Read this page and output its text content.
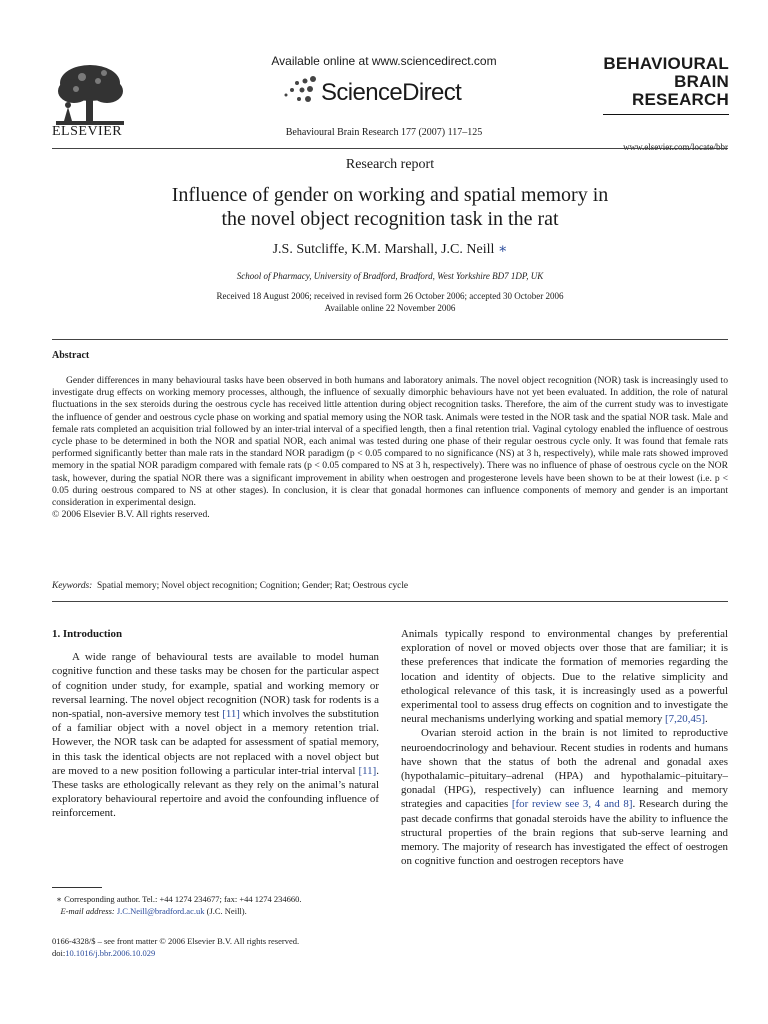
ELSEVIER
Available online at www.sciencedirect.com
ScienceDirect
Behavioural Brain Research 177 (2007) 117–125
BEHAVIOURAL
BRAIN
RESEARCH
www.elsevier.com/locate/bbr
Research report
Influence of gender on working and spatial memory in
the novel object recognition task in the rat
J.S. Sutcliffe, K.M. Marshall, J.C. Neill ∗
School of Pharmacy, University of Bradford, Bradford, West Yorkshire BD7 1DP, UK
Received 18 August 2006; received in revised form 26 October 2006; accepted 30 October 2006
Available online 22 November 2006
Abstract

Gender differences in many behavioural tasks have been observed in both humans and laboratory animals. The novel object recognition (NOR) task is increasingly used to investigate drug effects on working memory processes, although, the influence of sexually dimorphic behaviours have not yet been evaluated. In addition, the role of natural fluctuations in the sex steroids during the oestrous cycle has received little attention during object recognition tasks. Therefore, the aim of the current study was to investigate the influence of gender and oestrous cycle phase on working and spatial memory using the NOR task. Animals were tested in the NOR task and the spatial NOR task. Male and female rats completed an acquisition trial followed by an inter-trial interval of a specified length, then a final retention trial. Vaginal cytology enabled the influence of oestrous cycle phase to be determined in both the NOR and spatial NOR, each animal was tested during one phase of their regular oestrous cycle only. It was found that female rats performed significantly better than male rats in the standard NOR paradigm (p < 0.05 compared to no significance (NS) at 3 h, respectively), while male rats showed improved memory in the spatial NOR paradigm compared with female rats (p < 0.05 compared to NS at 3 h, respectively). There was no influence of phase of oestrous cycle on the NOR task, however, during the spatial NOR there was a significant improvement in ability when oestrogen and progesterone levels have been shown to be at their lowest (i.e. p < 0.05 during oestrous compared to NS at other stages). In conclusion, it is clear that gonadal hormones can influence components of memory and gender is an important consideration in experimental design.

© 2006 Elsevier B.V. All rights reserved.

Keywords: Spatial memory; Novel object recognition; Cognition; Gender; Rat; Oestrous cycle

1. Introduction

A wide range of behavioural tests are available to model human cognitive function and these tasks may be chosen for the particular aspect of cognition under study, for example, spatial and working memory or reversal learning. The novel object recognition (NOR) task for rodents is a non-spatial, non-aversive memory test [11] which involves the substitution of a familiar object with a novel object in a memory retention trial. However, the NOR task can be adapted for assessment of spatial memory, in this task the identical objects are not replaced with a novel object but are moved to a new position following a particular inter-trial interval [11]. These tasks are ethologically relevant as they rely on the animal’s natural exploratory behavioural repertoire and avoid the confounding influence of reinforcement.

Animals typically respond to environmental changes by preferential exploration of novel or moved objects over those that are familiar; it is these preferences that indicate the formation of memories regarding the location and identity of objects. Due to the relative simplicity and ethological relevance of this task, it is increasingly used as a powerful experimental tool to assess drug effects on cognition and to investigate the neural mechanisms underlying working and spatial memory [7,20,45].

Ovarian steroid action in the brain is not limited to reproductive neuroendocrinology and behaviour. Recent studies in rodents and humans have shown that the status of both the adrenal and gonadal axes (hypothalamic–pituitary–adrenal (HPA) and hypothalamic–pituitary–gonadal (HPG), respectively) can influence learning and memory strategies and capacities [for review see 3, 4 and 8]. Research during the past decade confirms that gonadal steroids have the ability to influence the structural properties of the brain regions that sub-serve learning and memory. The majority of research has investigated the effect of oestrogen on cognitive function and oestrogen receptors have

∗ Corresponding author. Tel.: +44 1274 234677; fax: +44 1274 234660.
E-mail address: J.C.Neill@bradford.ac.uk (J.C. Neill).
0166-4328/$ – see front matter © 2006 Elsevier B.V. All rights reserved.
doi:10.1016/j.bbr.2006.10.029
